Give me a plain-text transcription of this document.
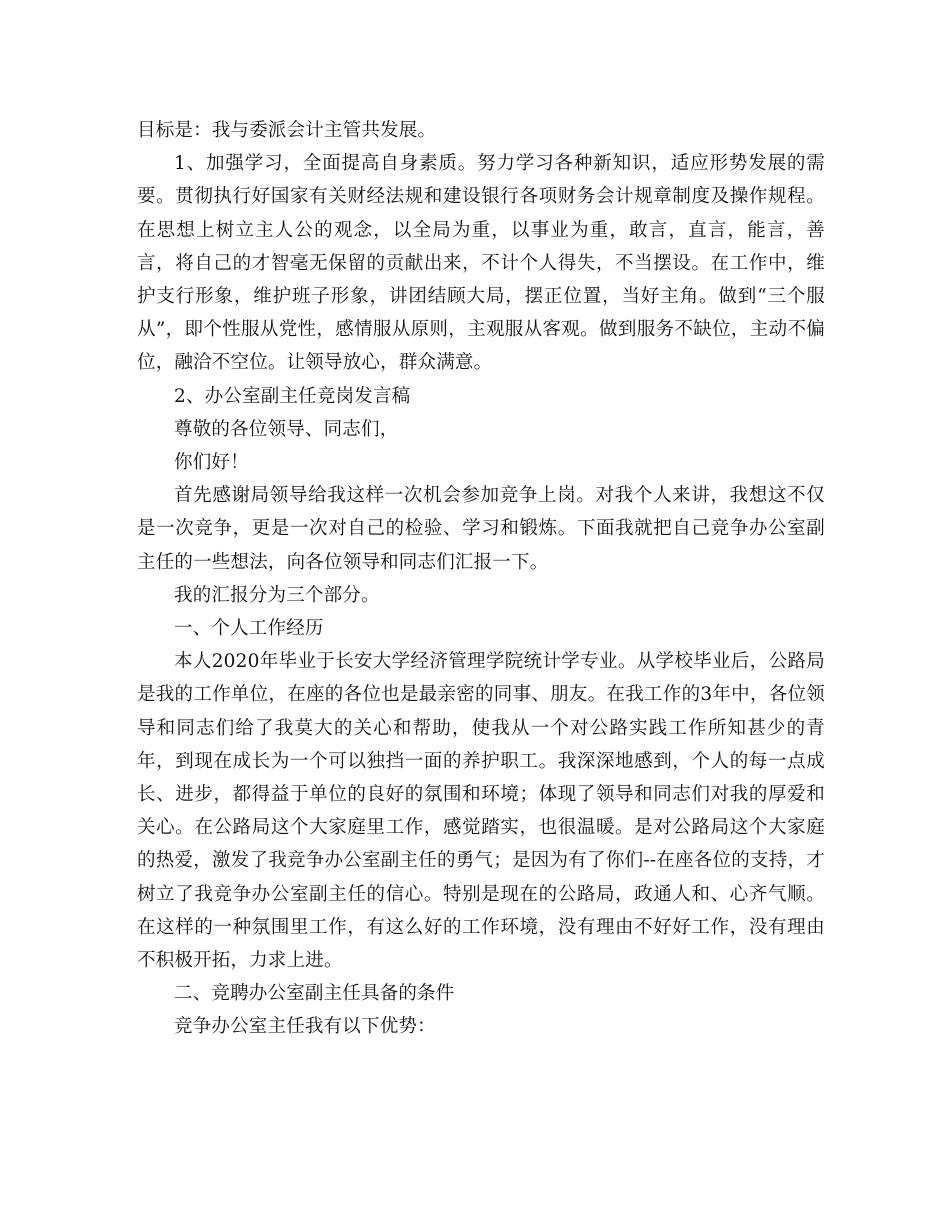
目标是：我与委派会计主管共发展。

1、加强学习，全面提高自身素质。努力学习各种新知识，适应形势发展的需要。贯彻执行好国家有关财经法规和建设银行各项财务会计规章制度及操作规程。在思想上树立主人公的观念，以全局为重，以事业为重，敢言，直言，能言，善言，将自己的才智毫无保留的贡献出来，不计个人得失，不当摆设。在工作中，维护支行形象，维护班子形象，讲团结顾大局，摆正位置，当好主角。做到“三个服从”，即个性服从党性，感情服从原则，主观服从客观。做到服务不缺位，主动不偏位，融洽不空位。让领导放心，群众满意。

2、办公室副主任竞岗发言稿

尊敬的各位领导、同志们，

你们好！

首先感谢局领导给我这样一次机会参加竞争上岗。对我个人来讲，我想这不仅是一次竞争，更是一次对自己的检验、学习和锻炼。下面我就把自己竞争办公室副主任的一些想法，向各位领导和同志们汇报一下。

我的汇报分为三个部分。

一、个人工作经历

本人2020年毕业于长安大学经济管理学院统计学专业。从学校毕业后，公路局是我的工作单位，在座的各位也是最亲密的同事、朋友。在我工作的3年中，各位领导和同志们给了我莫大的关心和帮助，使我从一个对公路实践工作所知甚少的青年，到现在成长为一个可以独挡一面的养护职工。我深深地感到，个人的每一点成长、进步，都得益于单位的良好的氛围和环境；体现了领导和同志们对我的厚爱和关心。在公路局这个大家庭里工作，感觉踏实，也很温暖。是对公路局这个大家庭的热爱，激发了我竞争办公室副主任的勇气；是因为有了你们--在座各位的支持，才树立了我竞争办公室副主任的信心。特别是现在的公路局，政通人和、心齐气顺。在这样的一种氛围里工作，有这么好的工作环境，没有理由不好好工作，没有理由不积极开拓，力求上进。

二、竞聘办公室副主任具备的条件

竞争办公室主任我有以下优势：
